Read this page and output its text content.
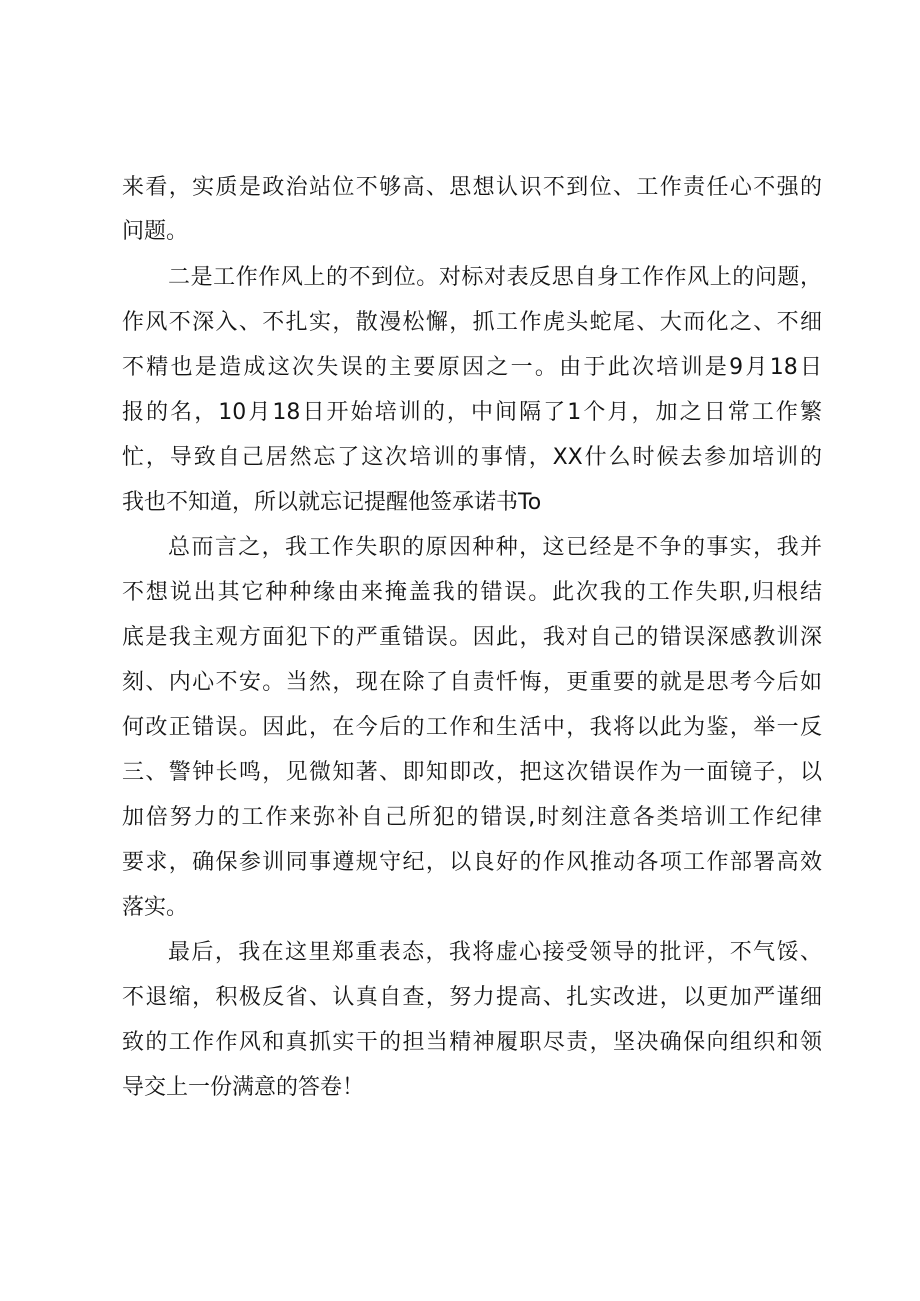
来看，实质是政治站位不够高、思想认识不到位、工作责任心不强的
问题。
二是工作作风上的不到位。对标对表反思自身工作作风上的问题，
作风不深入、不扎实，散漫松懈，抓工作虎头蛇尾、大而化之、不细
不精也是造成这次失误的主要原因之一。由于此次培训是9月18日
报的名，10月18日开始培训的，中间隔了1个月，加之日常工作繁
忙，导致自己居然忘了这次培训的事情，XX什么时候去参加培训的
我也不知道，所以就忘记提醒他签承诺书To
总而言之，我工作失职的原因种种，这已经是不争的事实，我并
不想说出其它种种缘由来掩盖我的错误。此次我的工作失职,归根结
底是我主观方面犯下的严重错误。因此，我对自己的错误深感教训深
刻、内心不安。当然，现在除了自责忏悔，更重要的就是思考今后如
何改正错误。因此，在今后的工作和生活中，我将以此为鉴，举一反
三、警钟长鸣，见微知著、即知即改，把这次错误作为一面镜子，以
加倍努力的工作来弥补自己所犯的错误,时刻注意各类培训工作纪律
要求，确保参训同事遵规守纪，以良好的作风推动各项工作部署高效
落实。
最后，我在这里郑重表态，我将虚心接受领导的批评，不气馁、
不退缩，积极反省、认真自查，努力提高、扎实改进，以更加严谨细
致的工作作风和真抓实干的担当精神履职尽责，坚决确保向组织和领
导交上一份满意的答卷！
